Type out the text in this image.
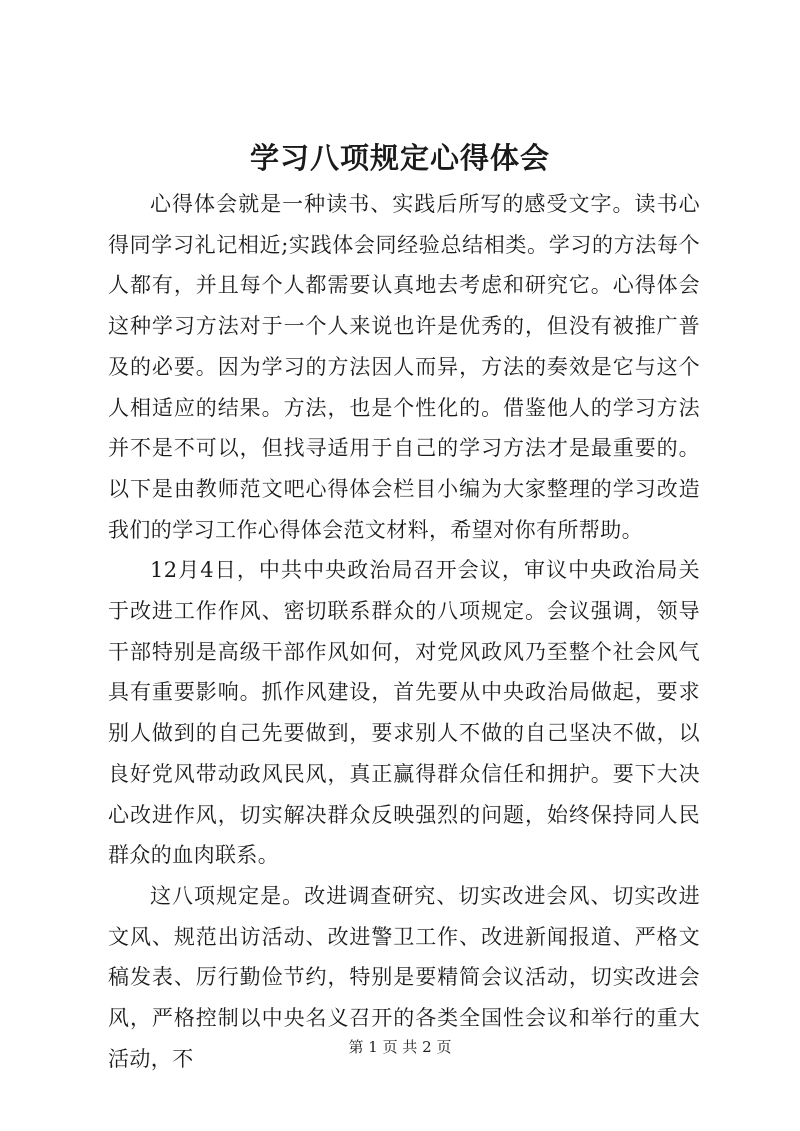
学习八项规定心得体会

心得体会就是一种读书、实践后所写的感受文字。读书心得同学习礼记相近;实践体会同经验总结相类。学习的方法每个人都有，并且每个人都需要认真地去考虑和研究它。心得体会这种学习方法对于一个人来说也许是优秀的，但没有被推广普及的必要。因为学习的方法因人而异，方法的奏效是它与这个人相适应的结果。方法，也是个性化的。借鉴他人的学习方法并不是不可以，但找寻适用于自己的学习方法才是最重要的。以下是由教师范文吧心得体会栏目小编为大家整理的学习改造我们的学习工作心得体会范文材料，希望对你有所帮助。

12月4日，中共中央政治局召开会议，审议中央政治局关于改进工作作风、密切联系群众的八项规定。会议强调，领导干部特别是高级干部作风如何，对党风政风乃至整个社会风气具有重要影响。抓作风建设，首先要从中央政治局做起，要求别人做到的自己先要做到，要求别人不做的自己坚决不做，以良好党风带动政风民风，真正赢得群众信任和拥护。要下大决心改进作风，切实解决群众反映强烈的问题，始终保持同人民群众的血肉联系。

这八项规定是。改进调查研究、切实改进会风、切实改进文风、规范出访活动、改进警卫工作、改进新闻报道、严格文稿发表、厉行勤俭节约，特别是要精简会议活动，切实改进会风，严格控制以中央名义召开的各类全国性会议和举行的重大活动，不	第 1 页 共 2 页
